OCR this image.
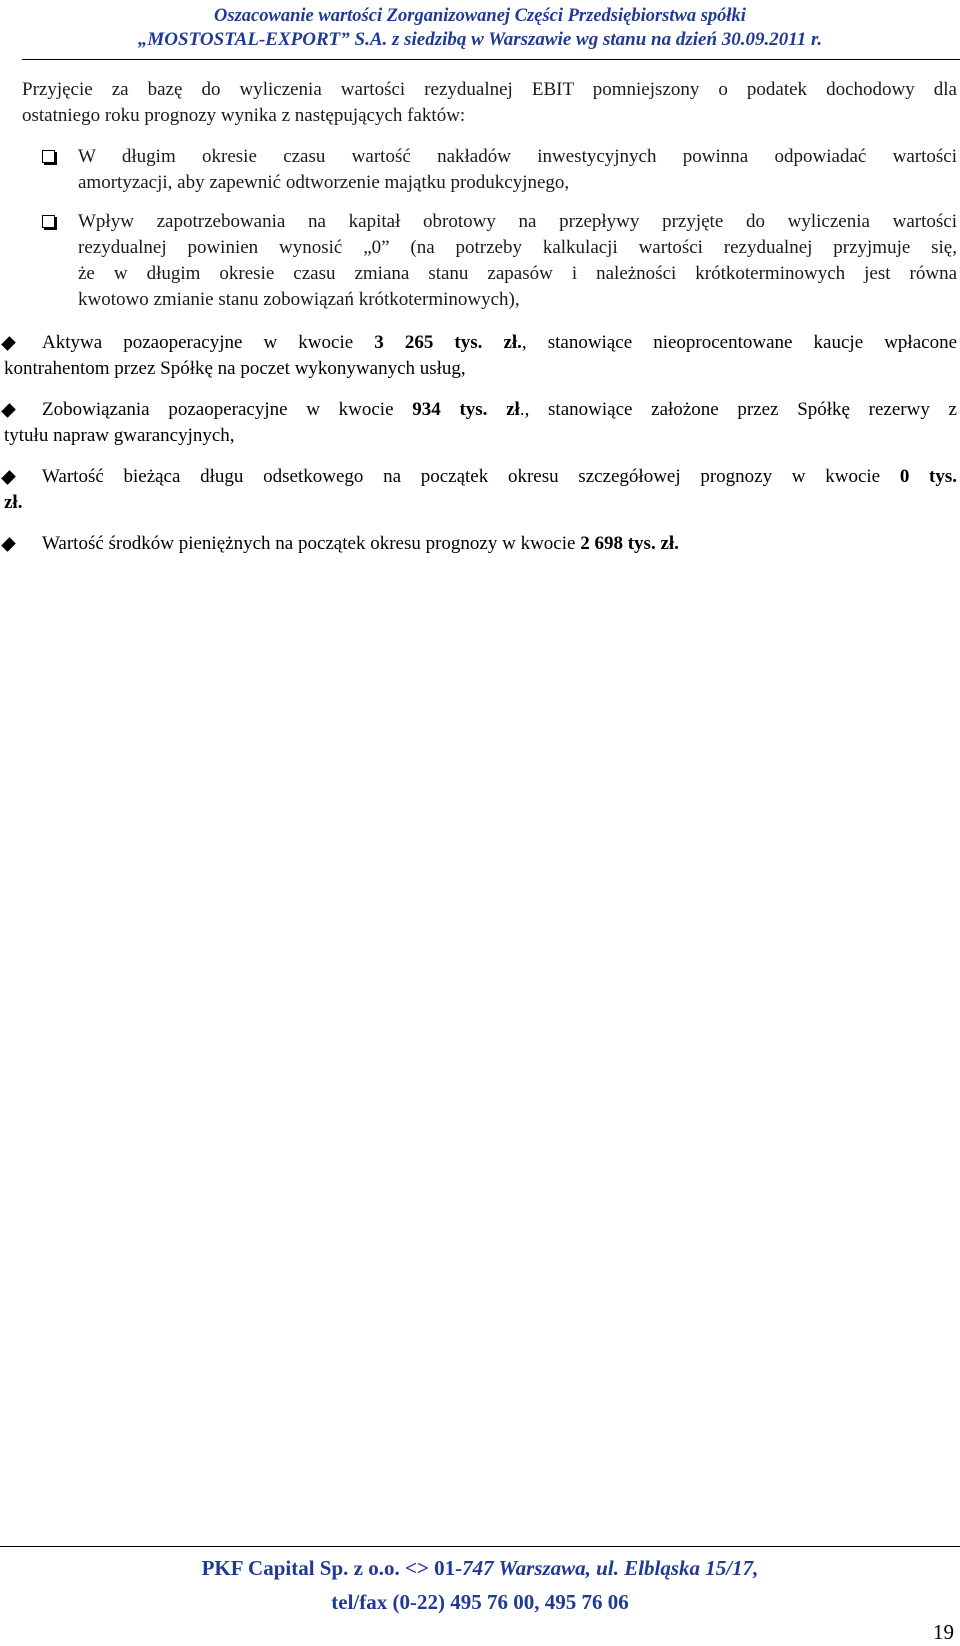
Oszacowanie wartości Zorganizowanej Części Przedsiębiorstwa spółki
„MOSTOSTAL-EXPORT” S.A. z siedzibą w Warszawie wg stanu na dzień 30.09.2011 r.
Przyjęcie za bazę do wyliczenia wartości rezydualnej EBIT pomniejszony o podatek dochodowy dla
ostatniego roku prognozy wynika z następujących faktów:
W długim okresie czasu wartość nakładów inwestycyjnych powinna odpowiadać wartości
amortyzacji, aby zapewnić odtworzenie majątku produkcyjnego,
Wpływ zapotrzebowania na kapitał obrotowy na przepływy przyjęte do wyliczenia wartości
rezydualnej powinien wynosić „0” (na potrzeby kalkulacji wartości rezydualnej przyjmuje się,
że w długim okresie czasu zmiana stanu zapasów i należności krótkoterminowych jest równa
kwotowo zmianie stanu zobowiązań krótkoterminowych),
Aktywa pozaoperacyjne w kwocie 3 265 tys. zł., stanowiące nieoprocentowane kaucje wpłacone
kontrahentom przez Spółkę na poczet wykonywanych usług,
Zobowiązania pozaoperacyjne w kwocie 934 tys. zł., stanowiące założone przez Spółkę rezerwy z
tytułu napraw gwarancyjnych,
Wartość bieżąca długu odsetkowego na początek okresu szczegółowej prognozy w kwocie 0 tys.
zł.
Wartość środków pieniężnych na początek okresu prognozy w kwocie 2 698 tys. zł.
PKF Capital Sp. z o.o. <> 01-747 Warszawa, ul. Elbląska 15/17,
tel/fax (0-22) 495 76 00, 495 76 06
19
